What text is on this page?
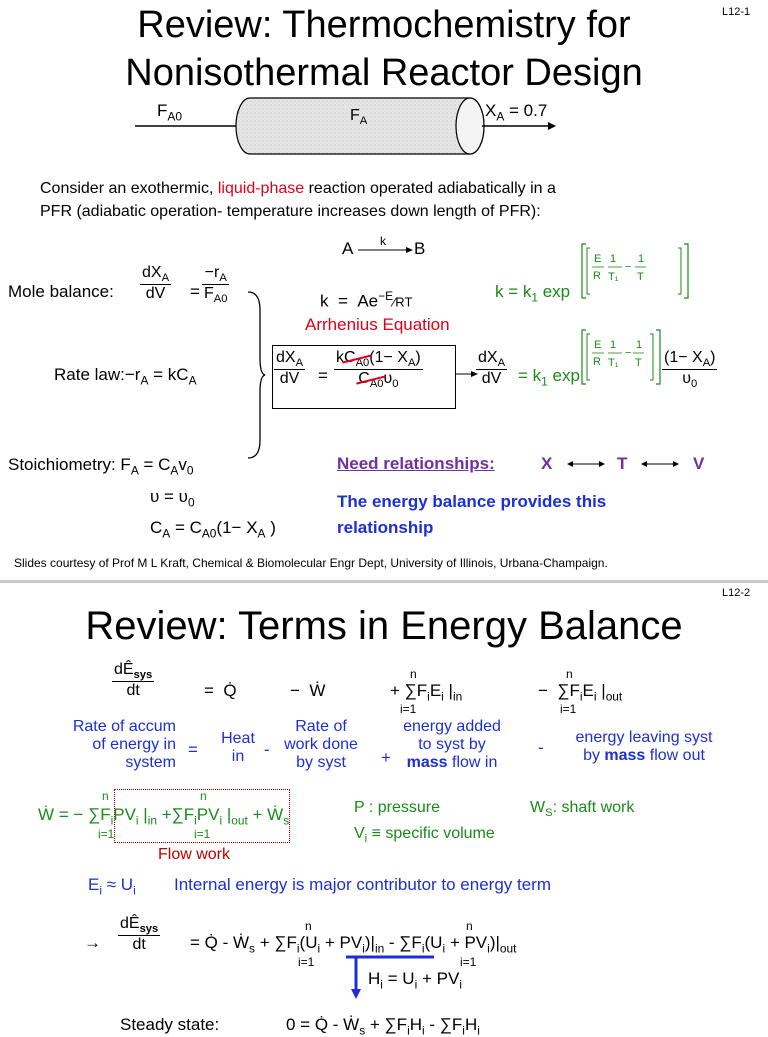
L12-1
Review: Thermochemistry for
Nonisothermal Reactor Design
$F_{A0}$	$F_A$
$X_A = 0.7$
Consider an exothermic, liquid-phase reaction operated adiabatically in a
PFR (adiabatic operation- temperature increases down length of PFR):
A k B
Mole balance:
$dX_A$
dV	= $\frac{-r_A}{F_{A0}}$	$k = Ae^{-E}⁄RT$
Arrhenius Equation
$k = k_1$ exp
E
R
1
T₁
−
1
T
Rate $law:-r_A = kC_A$
$dX_A$
dV	=
$kC_{A0}$
$(1- X_A)$
$C_{A0}$
$\upsilon_0$
$dX_A$
dV = $k_1$ exp
E
R
1
T₁
−
1
T $\frac{(1- X_A)}{\upsilon_0}$
Stoichiometry: $F_A = C_Av_0$
$\upsilon = \upsilon_0$
$C_A = C_{A0}(1- X_A$ )
Need relationships:	X	T	V
The energy balance provides this
relationship
Slides courtesy of Prof M L Kraft, Chemical & Biomolecular Engr Dept, University of Illinois, Urbana-Champaign.
L12-2
Review: Terms in Energy Balance
$dÊ_{sys}$
dt	=  Q̇	−  Ẇ	+ $\sum F_iE_i$ $|_{in}$
n
i=1
−  $\sum F_iE_i$ $|_{out}$
n
i=1
Rate of accum
of energy in
system
=
Heat
in	-
Rate of
work done
by syst	+
energy added
to syst by
mass flow in
-
energy leaving syst
by mass flow out
Ẇ = − $\sum F_iPV_i$ $|_{in} +\sum F_iPV_i$ $|_{out}$ + Ẇ$_s$
n
i=1
n
i=1
Flow work
P : pressure	$W_S$: shaft work
$V_i$ ≡ specific volume
$E_i \approx U_i$ Internal energy is major contributor to energy term
→
$dÊ_{sys}$
dt	= Q̇ - Ẇ$_s$ + $\sum F_i(U_i + PV_i)|_{in} - \sum F_i(U_i + PV_i)|_{out}$
n
i=1
n
i=1
$H_i = U_i + PV_i$
Steady state:	0 = Q̇ - Ẇ$_s$ + $\sum F_iH_i - \sum F_iH_i$
